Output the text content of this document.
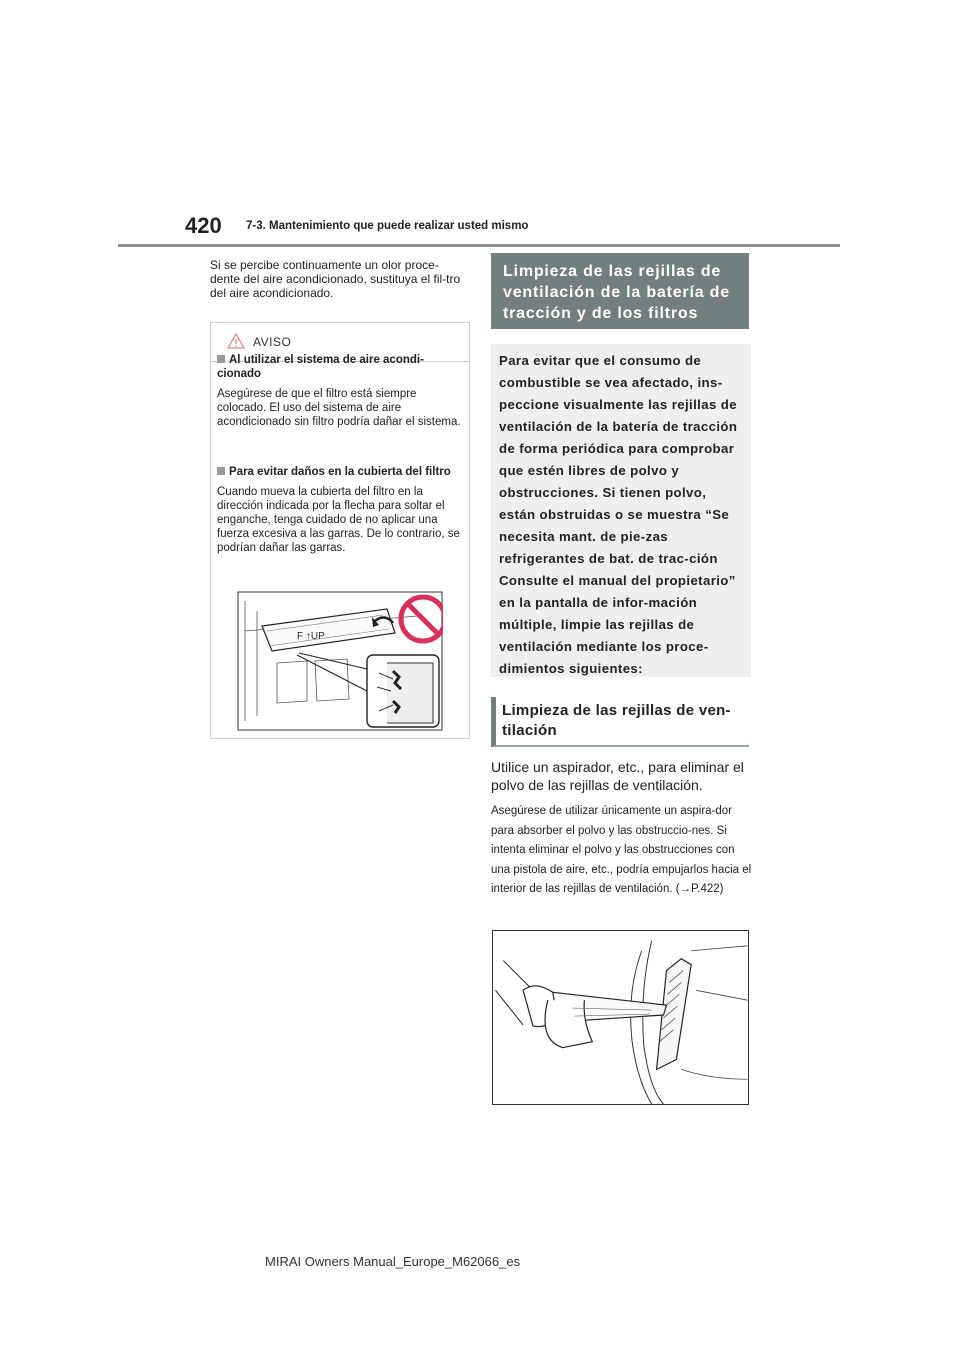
420 7-3. Mantenimiento que puede realizar usted mismo
Si se percibe continuamente un olor proce-dente del aire acondicionado, sustituya el fil-tro del aire acondicionado.
AVISO
Al utilizar el sistema de aire acondi-cionado
Asegúrese de que el filtro está siempre colocado. El uso del sistema de aire acondicionado sin filtro podría dañar el sistema.
Para evitar daños en la cubierta del filtro
Cuando mueva la cubierta del filtro en la dirección indicada por la flecha para soltar el enganche, tenga cuidado de no aplicar una fuerza excesiva a las garras. De lo contrario, se podrían dañar las garras.
F ↑UP
Limpieza de las rejillas de ventilación de la batería de tracción y de los filtros
Para evitar que el consumo de combustible se vea afectado, ins-peccione visualmente las rejillas de ventilación de la batería de tracción de forma periódica para comprobar que estén libres de polvo y obstrucciones. Si tienen polvo, están obstruidas o se muestra “Se necesita mant. de pie-zas refrigerantes de bat. de trac-ción Consulte el manual del propietario” en la pantalla de infor-mación múltiple, limpie las rejillas de ventilación mediante los proce-dimientos siguientes:
Limpieza de las rejillas de ven-tilación
Utilice un aspirador, etc., para eliminar el polvo de las rejillas de ventilación.
Asegúrese de utilizar únicamente un aspira-dor para absorber el polvo y las obstruccio-nes. Si intenta eliminar el polvo y las obstrucciones con una pistola de aire, etc., podría empujarlos hacia el interior de las rejillas de ventilación. (→P.422)
MIRAI Owners Manual_Europe_M62066_es
